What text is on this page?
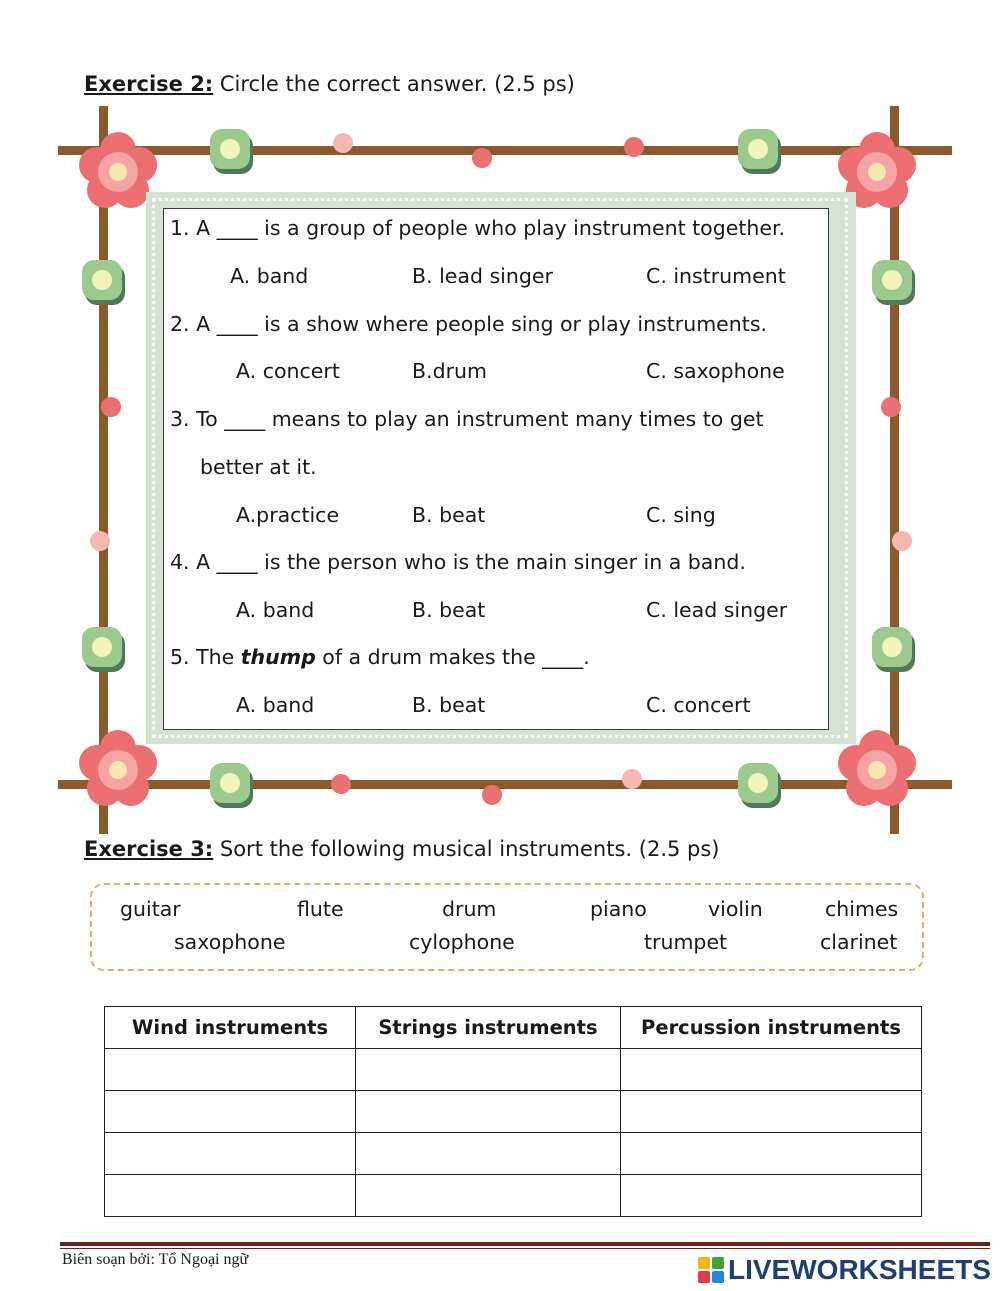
Exercise 2: Circle the correct answer. (2.5 ps)
1. A ____ is a group of people who play instrument together.
A. band	B. lead singer	C. instrument
2. A ____ is a show where people sing or play instruments.
A. concert	B.drum	C. saxophone
3. To ____ means to play an instrument many times to get
better at it.
A.practice	B. beat	C. sing
4. A ____ is the person who is the main singer in a band.
A. band	B. beat	C. lead singer
5. The thump of a drum makes the ____.
A. band	B. beat	C. concert
Exercise 3: Sort the following musical instruments. (2.5 ps)
guitar	flute	drum	piano	violin	chimes
saxophone	cylophone	trumpet	clarinet
Wind instruments	Strings instruments	Percussion instruments

Biên soạn bởi: Tổ Ngoại ngữ	LIVEWORKSHEETS
